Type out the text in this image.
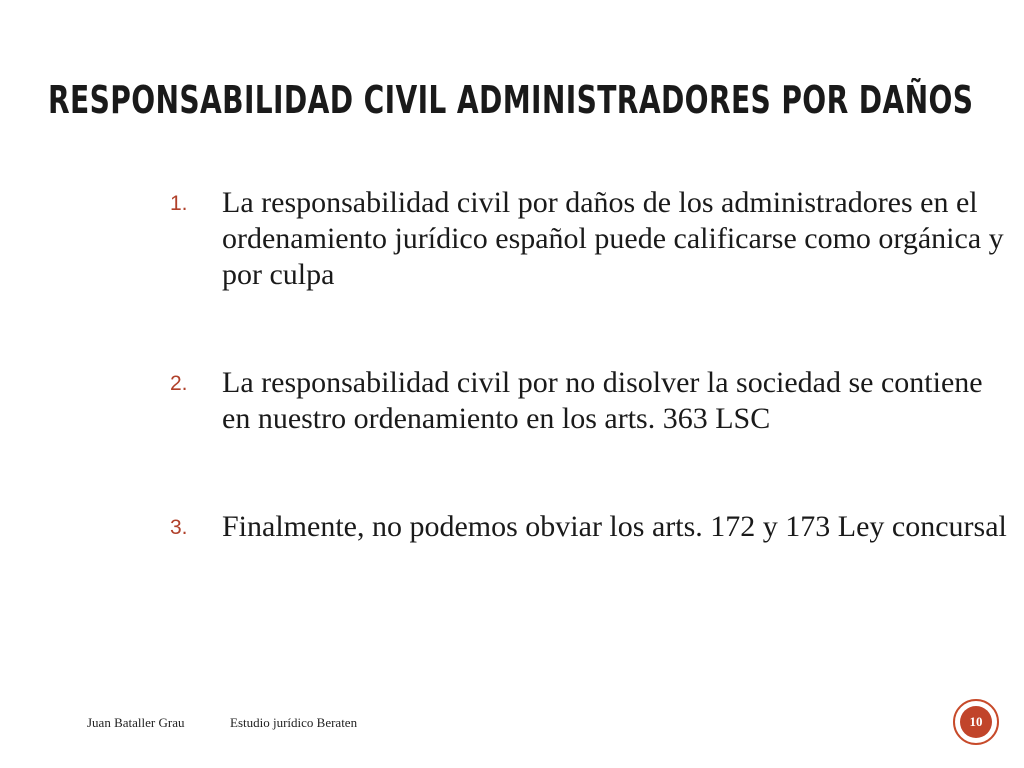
RESPONSABILIDAD CIVIL ADMINISTRADORES POR DAÑOS
1. La responsabilidad civil por daños de los administradores en el ordenamiento jurídico español puede calificarse como orgánica y por culpa
2. La responsabilidad civil por no disolver la sociedad se contiene en nuestro ordenamiento en los arts. 363 LSC
3. Finalmente, no podemos obviar los arts. 172 y 173 Ley concursal
Juan Bataller Grau	Estudio jurídico Beraten	10
